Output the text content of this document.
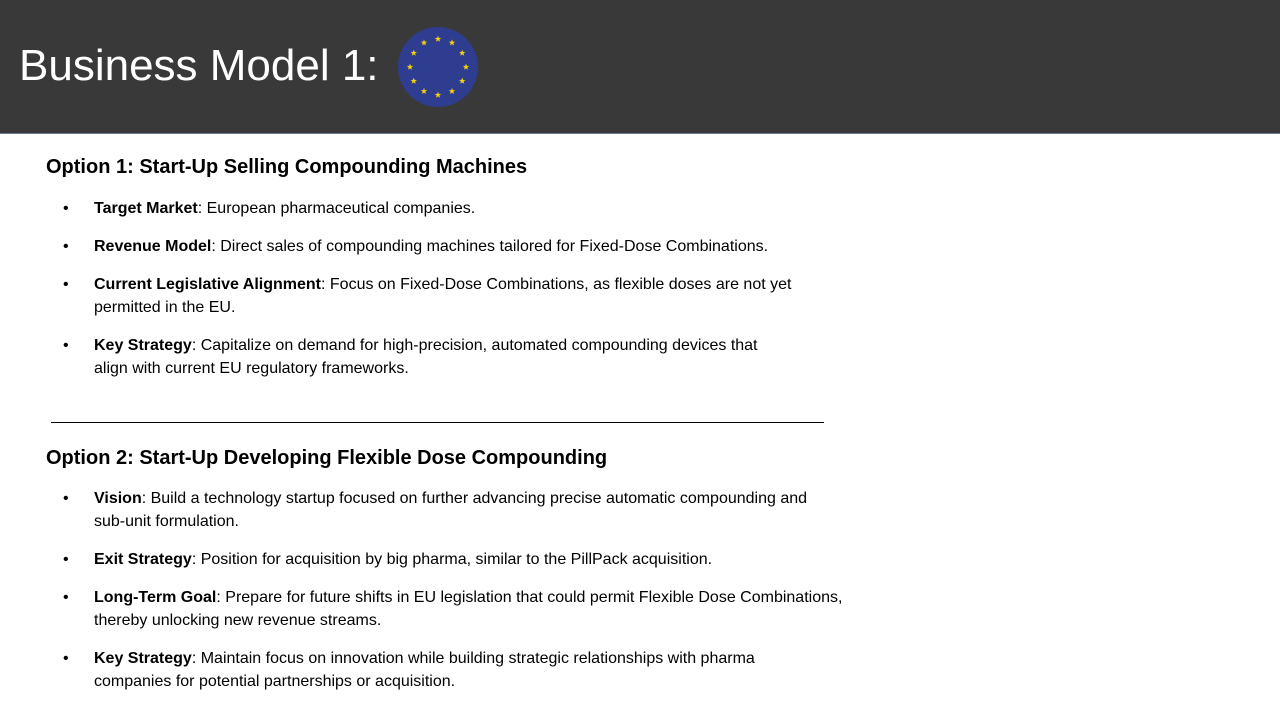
Business Model 1:
Option 1: Start-Up Selling Compounding Machines
• Target Market: European pharmaceutical companies.
• Revenue Model: Direct sales of compounding machines tailored for Fixed-Dose Combinations.
• Current Legislative Alignment: Focus on Fixed-Dose Combinations, as flexible doses are not yet
permitted in the EU.
• Key Strategy: Capitalize on demand for high-precision, automated compounding devices that
align with current EU regulatory frameworks.
Option 2: Start-Up Developing Flexible Dose Compounding
• Vision: Build a technology startup focused on further advancing precise automatic compounding and
sub-unit formulation.
• Exit Strategy: Position for acquisition by big pharma, similar to the PillPack acquisition.
• Long-Term Goal: Prepare for future shifts in EU legislation that could permit Flexible Dose Combinations,
thereby unlocking new revenue streams.
• Key Strategy: Maintain focus on innovation while building strategic relationships with pharma
companies for potential partnerships or acquisition.
